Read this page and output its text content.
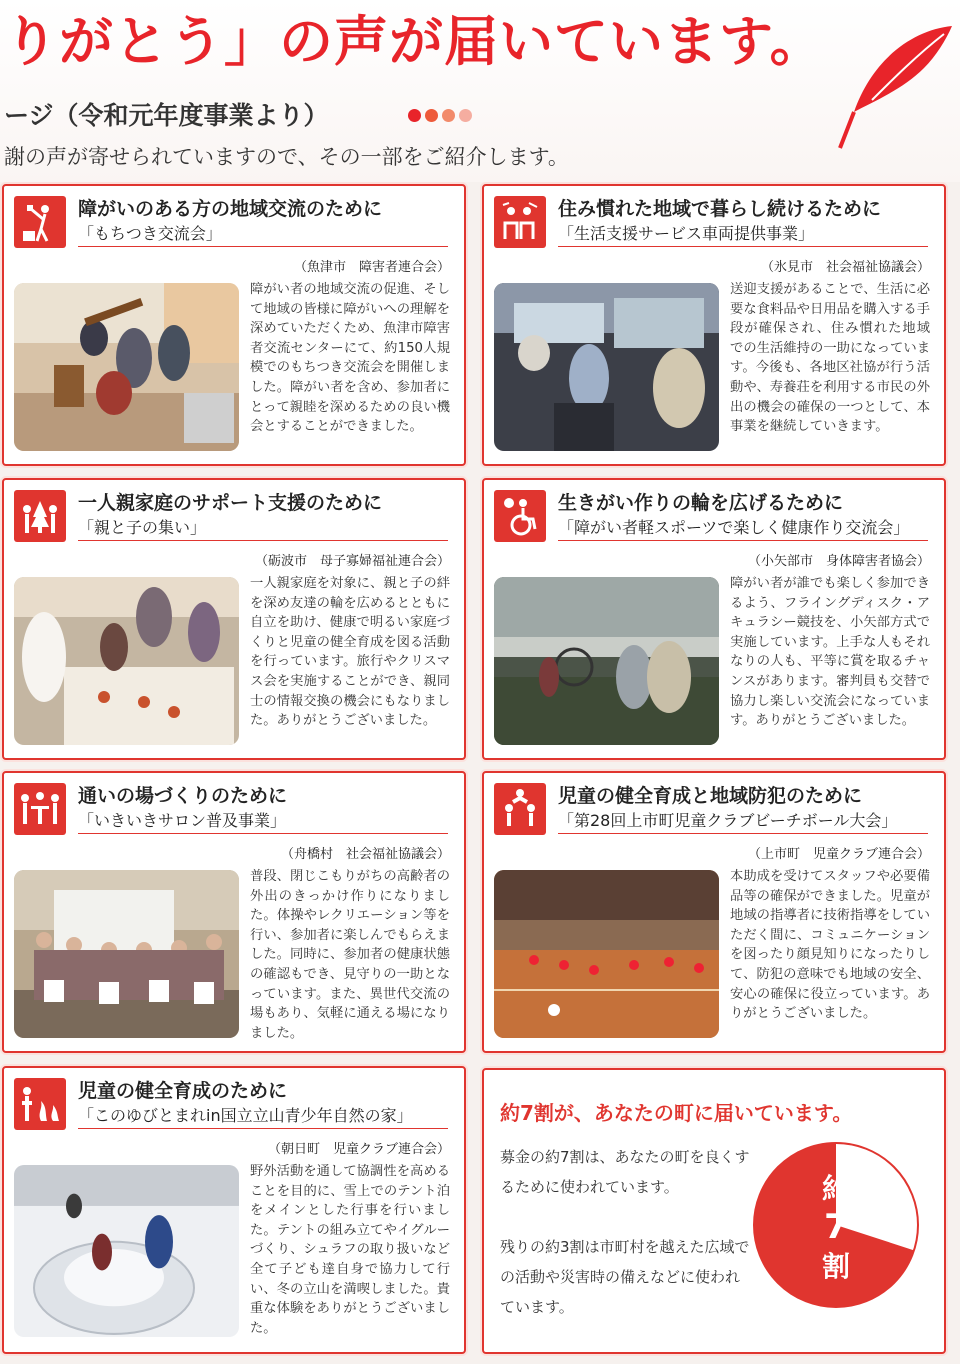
りがとう」の声が届いています。
ージ（令和元年度事業より）
謝の声が寄せられていますので、その一部をご紹介します。
障がいのある方の地域交流のために
「もちつき交流会」
（魚津市　障害者連合会）
障がい者の地域交流の促進、そして地域の皆様に障がいへの理解を深めていただくため、魚津市障害者交流センターにて、約150人規模でのもちつき交流会を開催しました。障がい者を含め、参加者にとって親睦を深めるための良い機会とすることができました。
住み慣れた地域で暮らし続けるために
「生活支援サービス車両提供事業」
（氷見市　社会福祉協議会）
送迎支援があることで、生活に必要な食料品や日用品を購入する手段が確保され、住み慣れた地域での生活維持の一助になっています。今後も、各地区社協が行う活動や、寿養荘を利用する市民の外出の機会の確保の一つとして、本事業を継続していきます。
一人親家庭のサポート支援のために
「親と子の集い」
（砺波市　母子寡婦福祉連合会）
一人親家庭を対象に、親と子の絆を深め友達の輪を広めるとともに自立を助け、健康で明るい家庭づくりと児童の健全育成を図る活動を行っています。旅行やクリスマス会を実施することができ、親同士の情報交換の機会にもなりました。ありがとうございました。
生きがい作りの輪を広げるために
「障がい者軽スポーツで楽しく健康作り交流会」
（小矢部市　身体障害者協会）
障がい者が誰でも楽しく参加できるよう、フライングディスク・アキュラシー競技を、小矢部方式で実施しています。上手な人もそれなりの人も、平等に賞を取るチャンスがあります。審判員も交替で協力し楽しい交流会になっています。ありがとうございました。
通いの場づくりのために
「いきいきサロン普及事業」
（舟橋村　社会福祉協議会）
普段、閉じこもりがちの高齢者の外出のきっかけ作りになりました。体操やレクリエーション等を行い、参加者に楽しんでもらえました。同時に、参加者の健康状態の確認もでき、見守りの一助となっています。また、異世代交流の場もあり、気軽に通える場になりました。
児童の健全育成と地域防犯のために
「第28回上市町児童クラブビーチボール大会」
（上市町　児童クラブ連合会）
本助成を受けてスタッフや必要備品等の確保ができました。児童が地域の指導者に技術指導をしていただく間に、コミュニケーションを図ったり顔見知りになったりして、防犯の意味でも地域の安全、安心の確保に役立っています。ありがとうございました。
児童の健全育成のために
「このゆびとまれin国立立山青少年自然の家」
（朝日町　児童クラブ連合会）
野外活動を通して協調性を高めることを目的に、雪上でのテント泊をメインとした行事を行いました。テントの組み立てやイグルーづくり、シュラフの取り扱いなど全て子ども達自身で協力して行い、冬の立山を満喫しました。貴重な体験をありがとうございました。
約7割が、あなたの町に届いています。
募金の約7割は、あなたの町を良くするために使われています。
残りの約3割は市町村を越えた広域での活動や災害時の備えなどに使われています。
約
7
割
